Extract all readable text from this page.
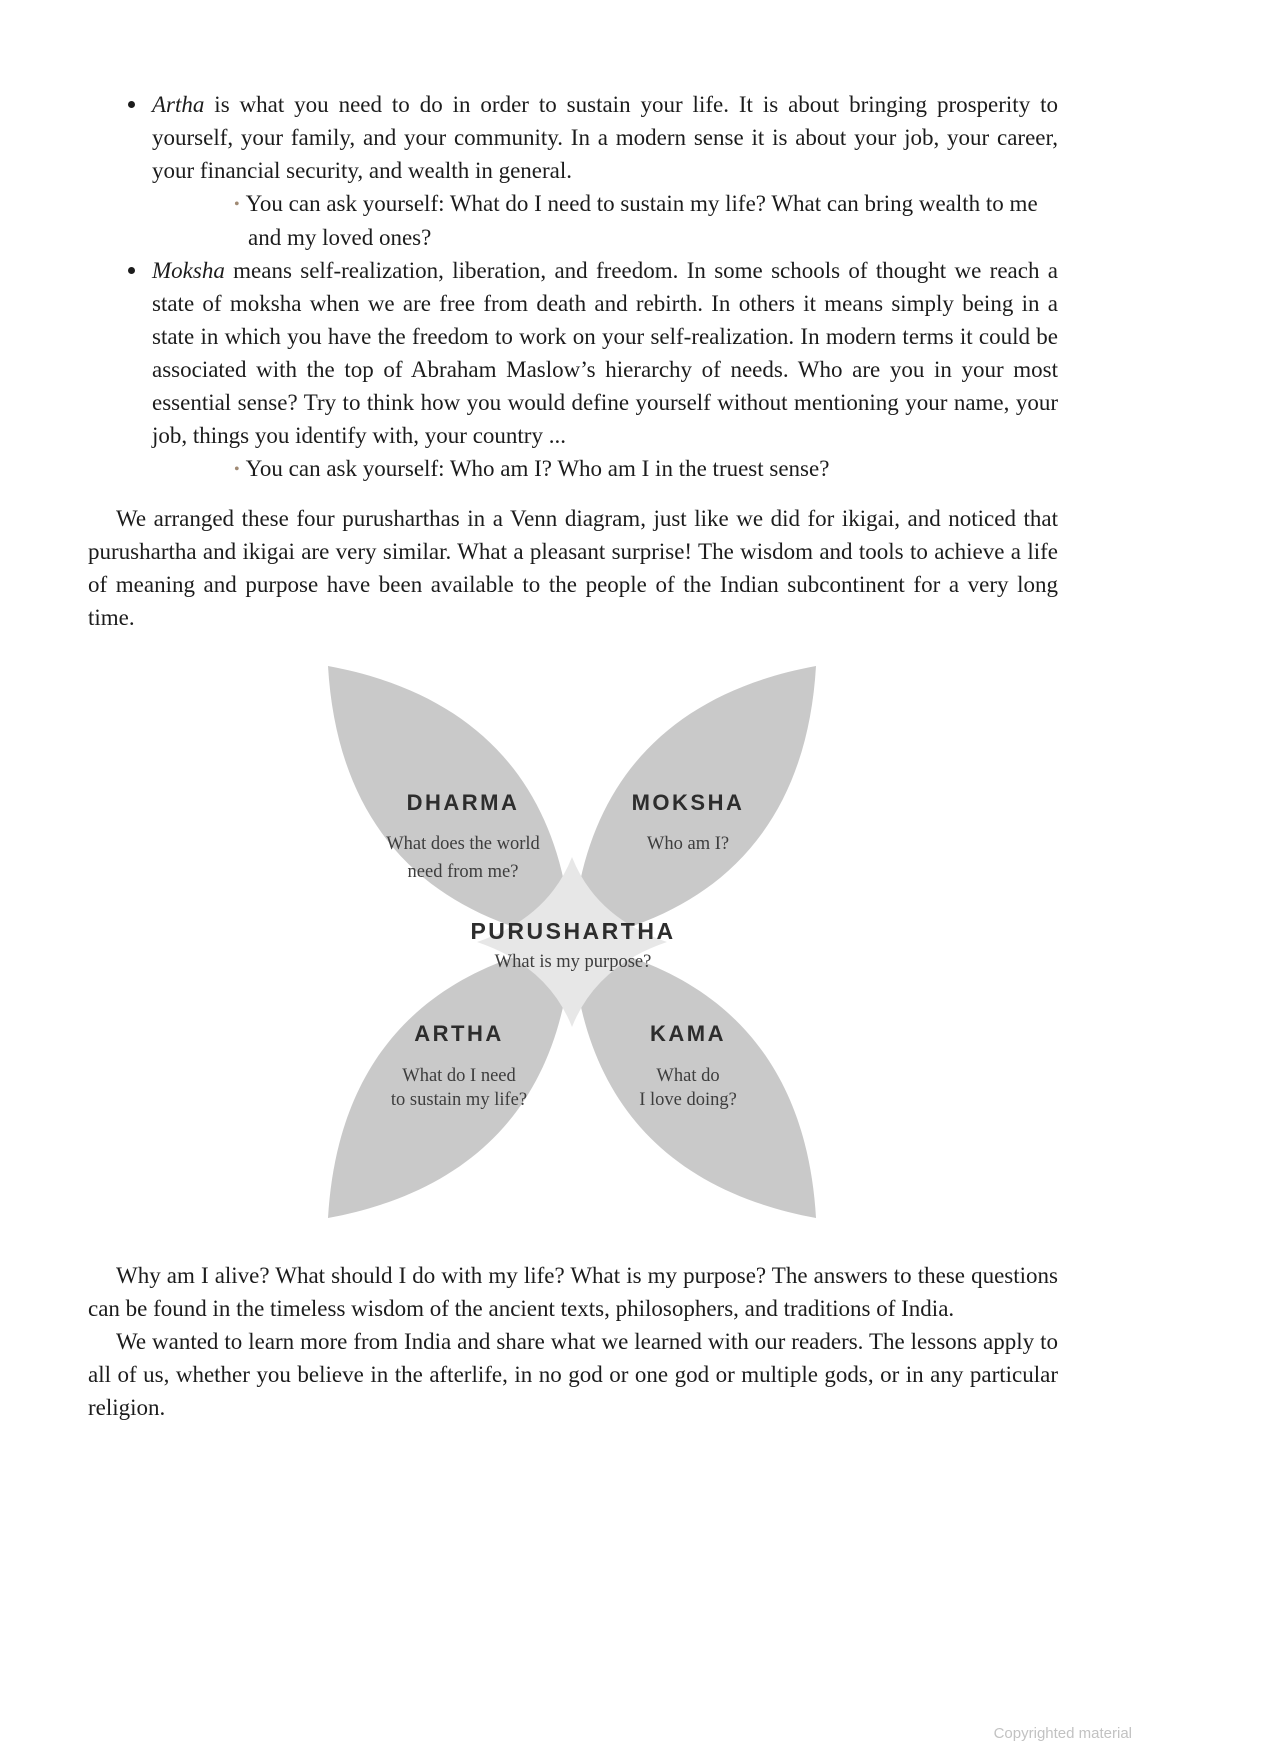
Artha is what you need to do in order to sustain your life. It is about bringing prosperity to yourself, your family, and your community. In a modern sense it is about your job, your career, your financial security, and wealth in general.
• You can ask yourself: What do I need to sustain my life? What can bring wealth to me and my loved ones?
Moksha means self-realization, liberation, and freedom. In some schools of thought we reach a state of moksha when we are free from death and rebirth. In others it means simply being in a state in which you have the freedom to work on your self-realization. In modern terms it could be associated with the top of Abraham Maslow’s hierarchy of needs. Who are you in your most essential sense? Try to think how you would define yourself without mentioning your name, your job, things you identify with, your country ...
• You can ask yourself: Who am I? Who am I in the truest sense?

We arranged these four purusharthas in a Venn diagram, just like we did for ikigai, and noticed that purushartha and ikigai are very similar. What a pleasant surprise! The wisdom and tools to achieve a life of meaning and purpose have been available to the people of the Indian subcontinent for a very long time.

DHARMA
What does the world
need from me?
MOKSHA
Who am I?
PURUSHARTHA
What is my purpose?
ARTHA
What do I need
to sustain my life?
KAMA
What do
I love doing?

Why am I alive? What should I do with my life? What is my purpose? The answers to these questions can be found in the timeless wisdom of the ancient texts, philosophers, and traditions of India.

We wanted to learn more from India and share what we learned with our readers. The lessons apply to all of us, whether you believe in the afterlife, in no god or one god or multiple gods, or in any particular religion.

Copyrighted material
